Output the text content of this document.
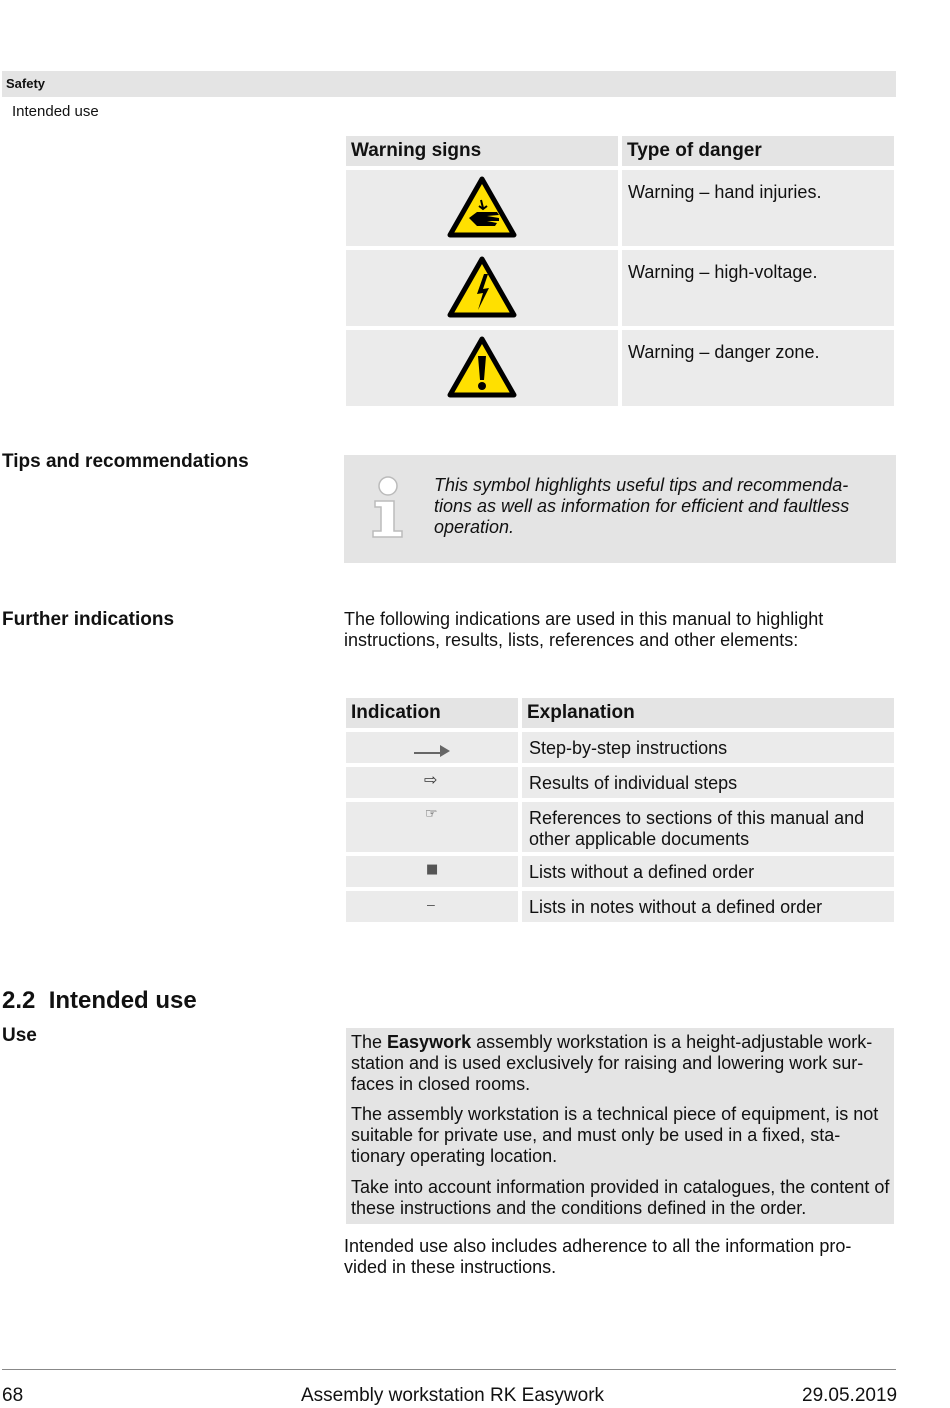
Safety
Intended use
Warning signs	Type of danger
Warning – hand injuries.
Warning – high-voltage.
Warning – danger zone.
Tips and recommendations
This symbol highlights useful tips and recommenda-tions as well as information for efficient and faultless operation.
Further indications	The following indications are used in this manual to highlight instructions, results, lists, references and other elements:
Indication	Explanation
Step-by-step instructions
⇨	Results of individual steps
☞	References to sections of this manual and other applicable documents
■	Lists without a defined order
–	Lists in notes without a defined order
2.2 Intended use
Use	The Easywork assembly workstation is a height-adjustable work-station and is used exclusively for raising and lowering work sur-faces in closed rooms.

The assembly workstation is a technical piece of equipment, is not suitable for private use, and must only be used in a fixed, sta-tionary operating location.

Take into account information provided in catalogues, the content of these instructions and the conditions defined in the order.

Intended use also includes adherence to all the information pro-vided in these instructions.
68	Assembly workstation RK Easywork	29.05.2019
